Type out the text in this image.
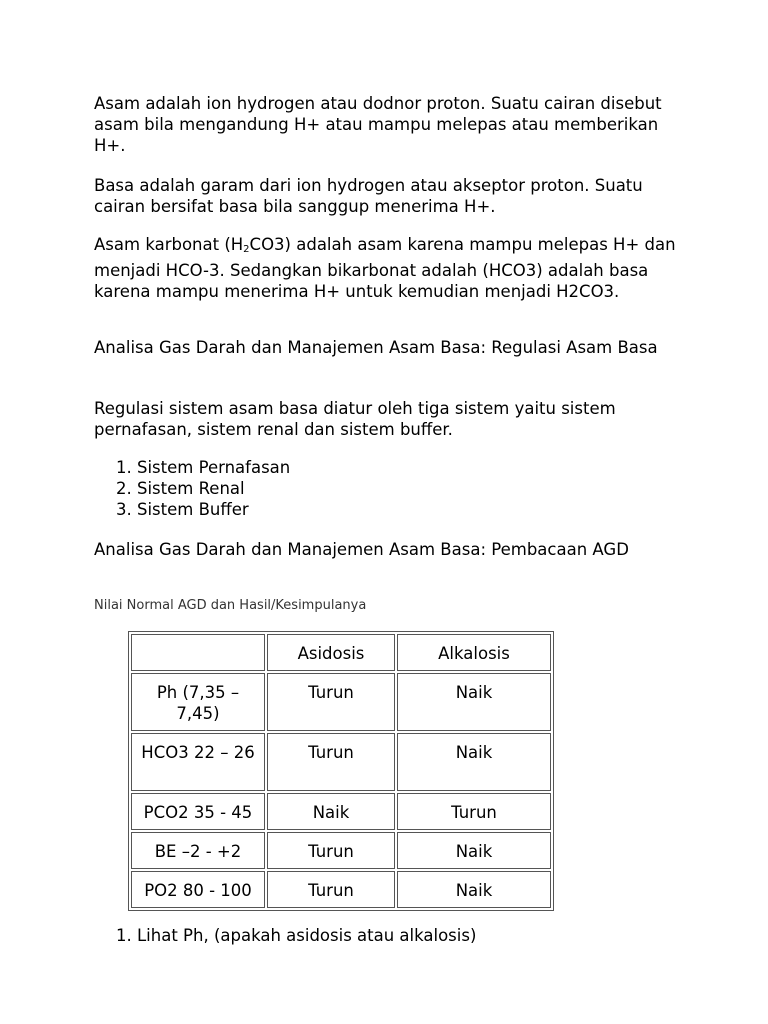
Asam adalah ion hydrogen atau dodnor proton. Suatu cairan disebut asam bila mengandung H+ atau mampu melepas atau memberikan H+.

Basa adalah garam dari ion hydrogen atau akseptor proton. Suatu cairan bersifat basa bila sanggup menerima H+.

Asam karbonat $(H_2CO3)$ adalah asam karena mampu melepas H+ dan menjadi HCO-3. Sedangkan bikarbonat adalah (HCO3) adalah basa karena mampu menerima H+ untuk kemudian menjadi H2CO3.

Analisa Gas Darah dan Manajemen Asam Basa: Regulasi Asam Basa

Regulasi sistem asam basa diatur oleh tiga sistem yaitu sistem pernafasan, sistem renal dan sistem buffer.

1. Sistem Pernafasan
2. Sistem Renal
3. Sistem Buffer

Analisa Gas Darah dan Manajemen Asam Basa: Pembacaan AGD

Nilai Normal AGD dan Hasil/Kesimpulanya
	Asidosis	Alkalosis
Ph (7,35 – 7,45)	Turun	Naik
HCO3 22 – 26	Turun	Naik
PCO2 35 - 45	Naik	Turun
BE –2 - +2	Turun	Naik
PO2 80 - 100	Turun	Naik
1. Lihat Ph, (apakah asidosis atau alkalosis)
